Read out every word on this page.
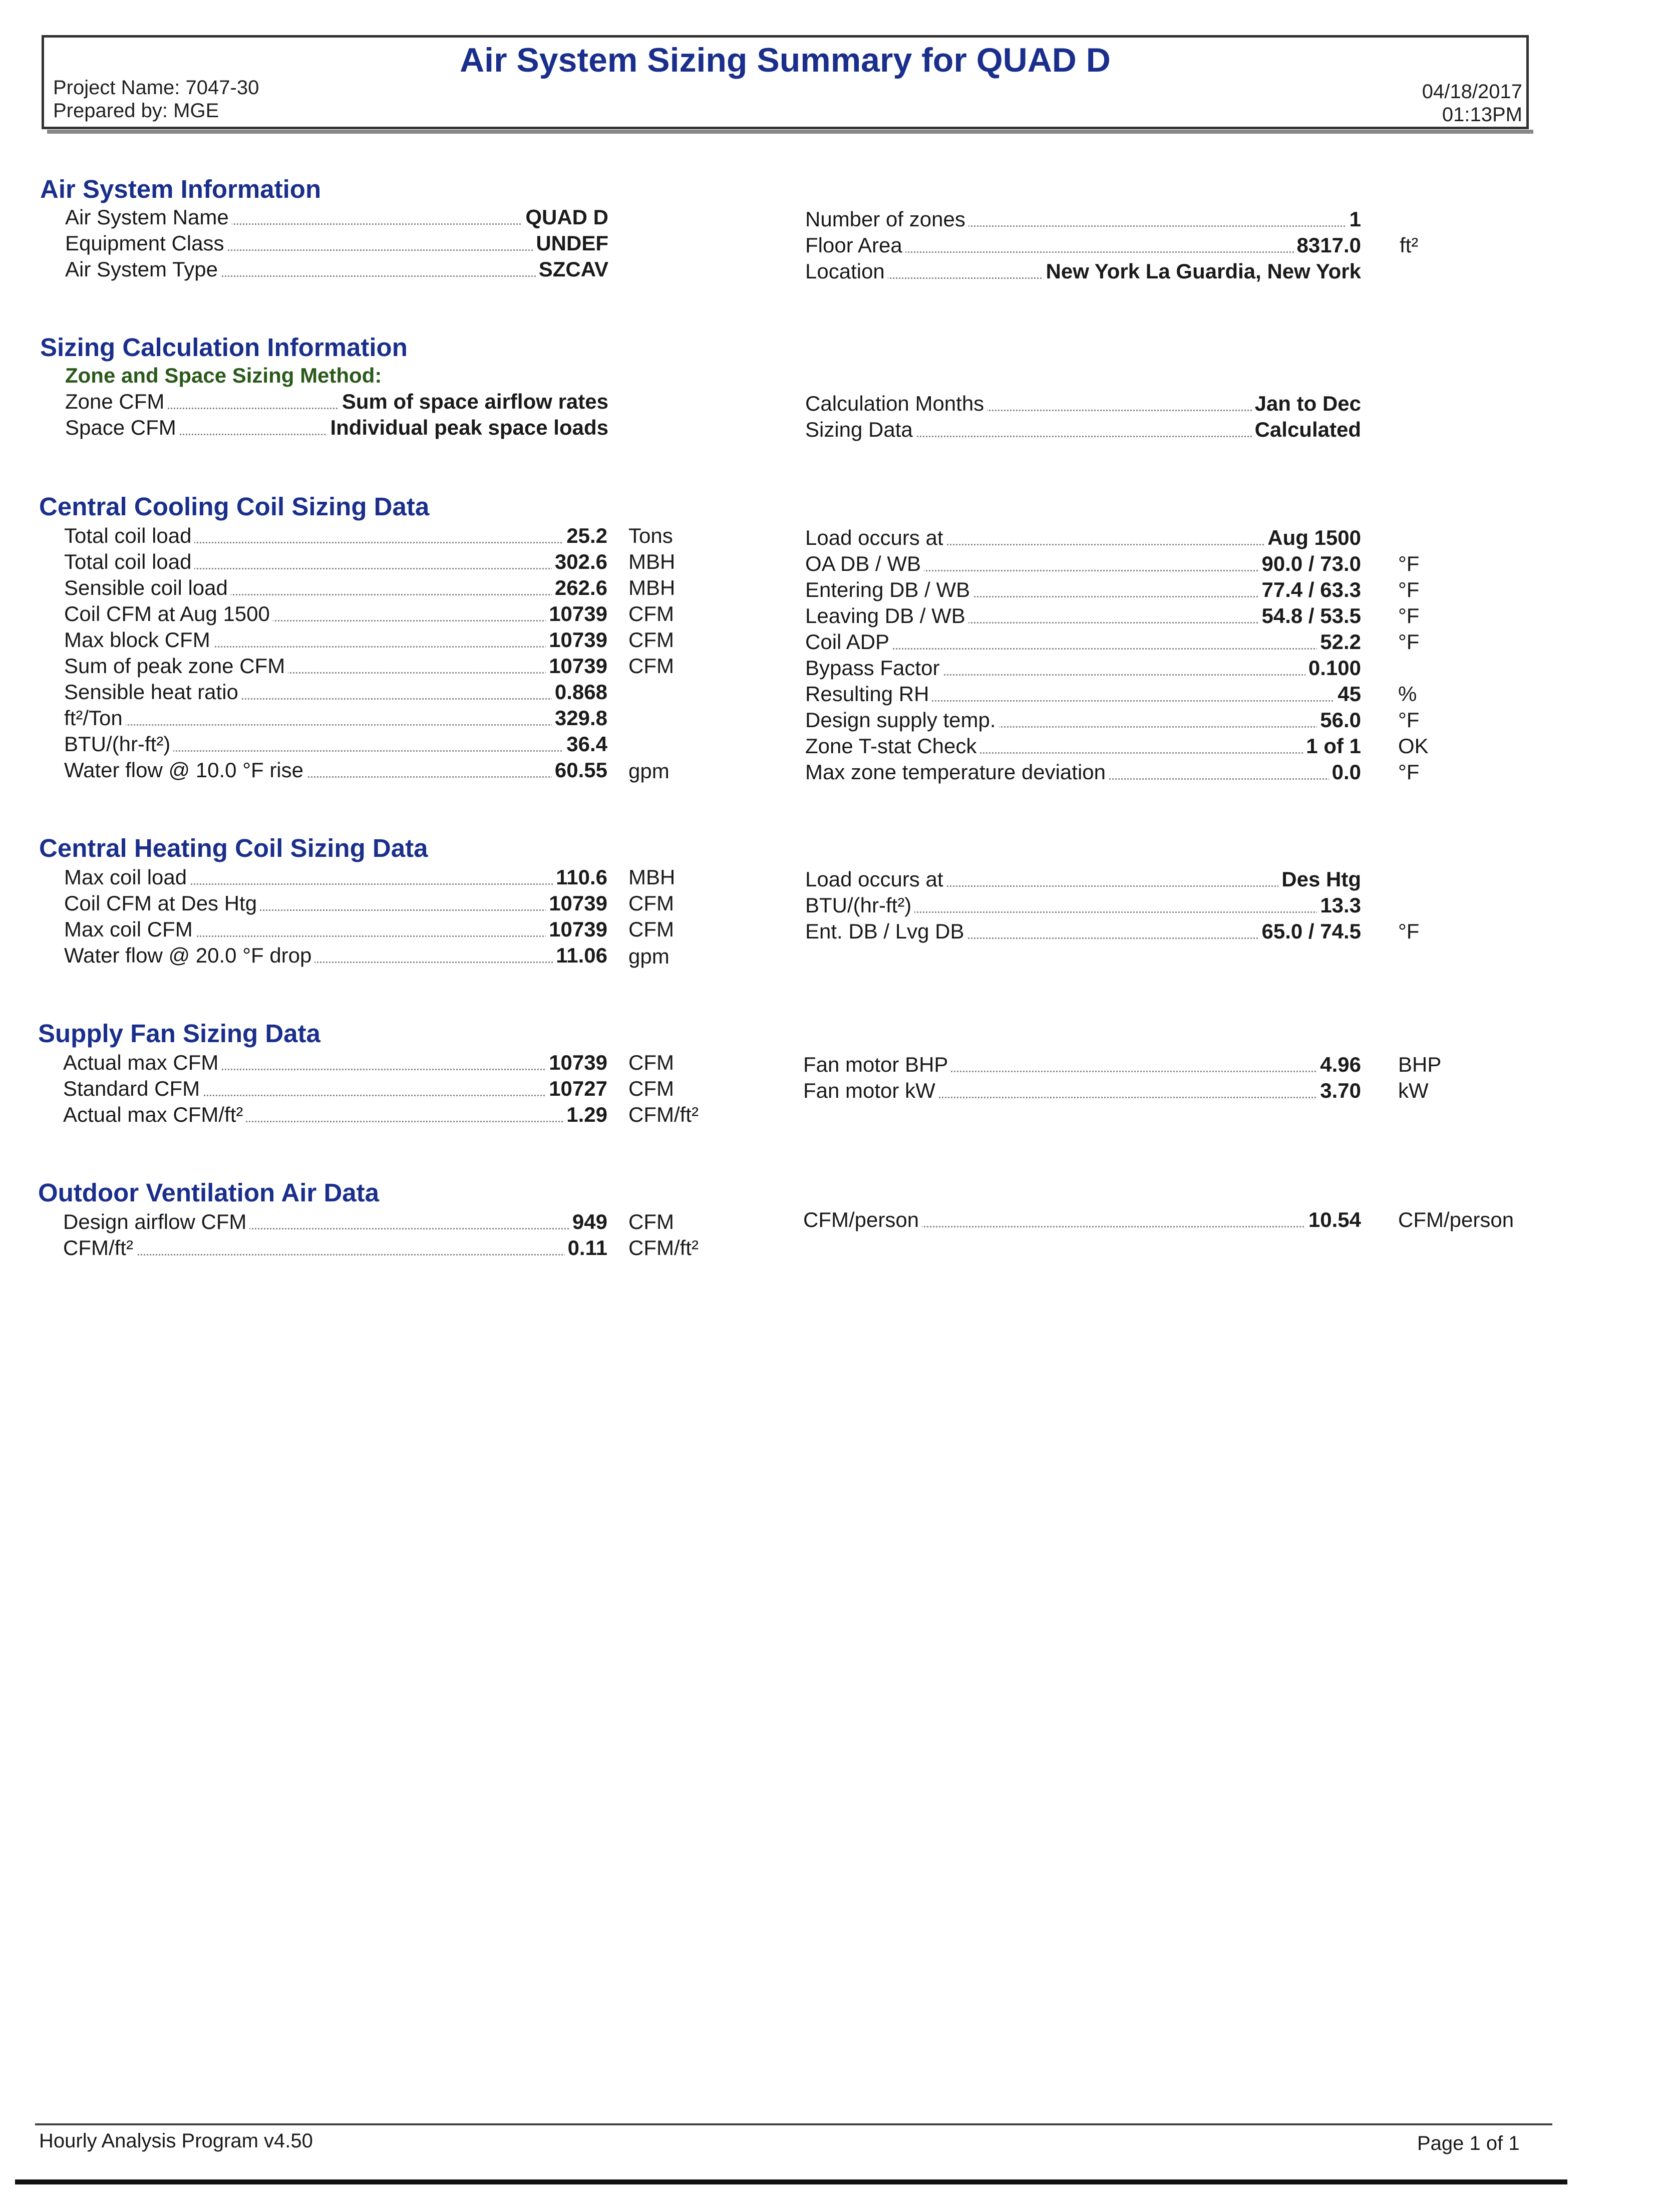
Air System Sizing Summary for QUAD D
Project Name: 7047-30
Prepared by: MGE
04/18/2017
01:13PM
Air System Information
Air System Name	QUAD D
Equipment Class	UNDEF
Air System Type	SZCAV
Number of zones	1
Floor Area	8317.0 ft²
Location	New York La Guardia, New York
Sizing Calculation Information
Zone and Space Sizing Method:
Zone CFM	Sum of space airflow rates
Space CFM	Individual peak space loads
Calculation Months	Jan to Dec
Sizing Data	Calculated
Central Cooling Coil Sizing Data
Total coil load	25.2 Tons
Total coil load	302.6 MBH
Sensible coil load	262.6 MBH
Coil CFM at Aug 1500	10739 CFM
Max block CFM	10739 CFM
Sum of peak zone CFM	10739 CFM
Sensible heat ratio	0.868
ft²/Ton	329.8
BTU/(hr-ft²)	36.4
Water flow @ 10.0 °F rise	60.55 gpm
Load occurs at	Aug 1500
OA DB / WB	90.0 / 73.0 °F
Entering DB / WB	77.4 / 63.3 °F
Leaving DB / WB	54.8 / 53.5 °F
Coil ADP	52.2 °F
Bypass Factor	0.100
Resulting RH	45 %
Design supply temp.	56.0 °F
Zone T-stat Check	1 of 1 OK
Max zone temperature deviation	0.0 °F
Central Heating Coil Sizing Data
Max coil load	110.6 MBH
Coil CFM at Des Htg	10739 CFM
Max coil CFM	10739 CFM
Water flow @ 20.0 °F drop	11.06 gpm
Load occurs at	Des Htg
BTU/(hr-ft²)	13.3
Ent. DB / Lvg DB	65.0 / 74.5 °F
Supply Fan Sizing Data
Actual max CFM	10739 CFM
Standard CFM	10727 CFM
Actual max CFM/ft²	1.29 CFM/ft²
Fan motor BHP	4.96 BHP
Fan motor kW	3.70 kW
Outdoor Ventilation Air Data
Design airflow CFM	949 CFM
CFM/ft²	0.11 CFM/ft²
CFM/person	10.54 CFM/person
Hourly Analysis Program v4.50	Page 1 of 1
